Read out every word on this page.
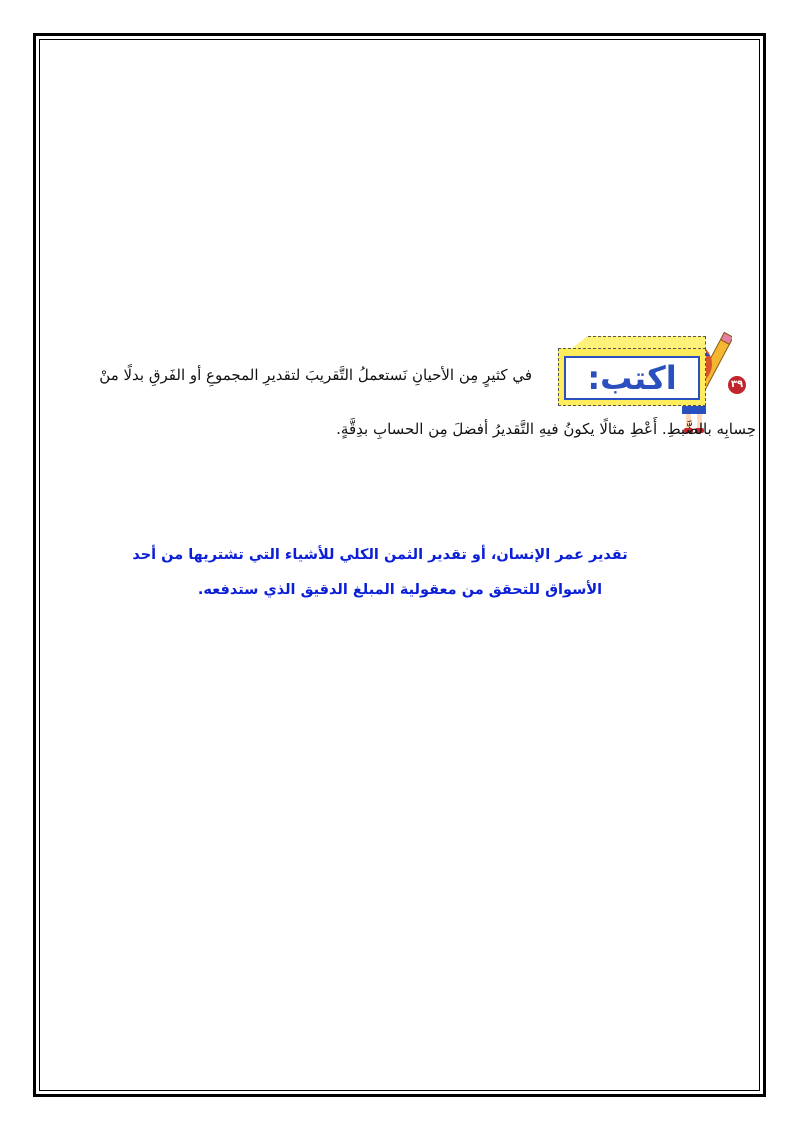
٣٩
اكتب:
في كثيرٍ مِن الأحيانِ نَستعملُ التَّقريبَ لتقديرِ المجموعِ أو الفَرقِ بدلًا منْ
حِسابِه بالضَّبطِ. أَعْطِ مثالًا يكونُ فيهِ التَّقديرُ أفضلَ مِن الحسابِ بدِقَّةٍ.
تقدير عمر الإنسان، أو تقدير الثمن الكلي للأشياء التي تشتريها من أحد
الأسواق للتحقق من معقولية المبلغ الدقيق الذي ستدفعه.
